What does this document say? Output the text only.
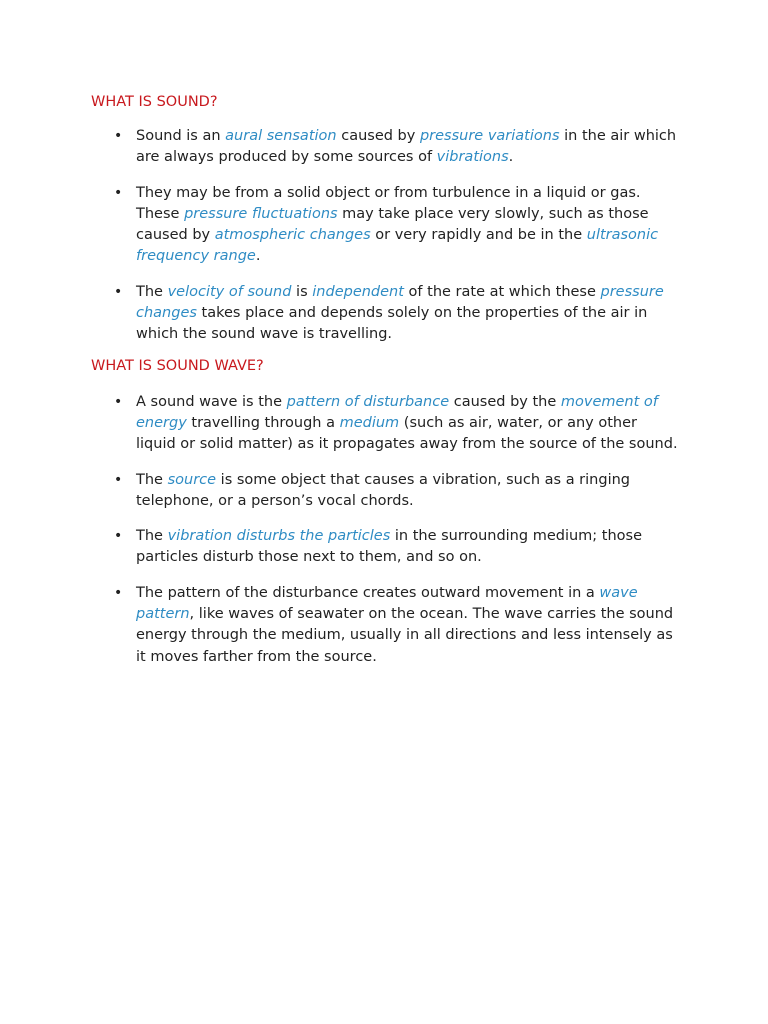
WHAT IS SOUND?
• Sound is an aural sensation caused by pressure variations in the air which are always produced by some sources of vibrations.
• They may be from a solid object or from turbulence in a liquid or gas. These pressure fluctuations may take place very slowly, such as those caused by atmospheric changes or very rapidly and be in the ultrasonic frequency range.
• The velocity of sound is independent of the rate at which these pressure changes takes place and depends solely on the properties of the air in which the sound wave is travelling.
WHAT IS SOUND WAVE?
• A sound wave is the pattern of disturbance caused by the movement of energy travelling through a medium (such as air, water, or any other liquid or solid matter) as it propagates away from the source of the sound.
• The source is some object that causes a vibration, such as a ringing telephone, or a person’s vocal chords.
• The vibration disturbs the particles in the surrounding medium; those particles disturb those next to them, and so on.
• The pattern of the disturbance creates outward movement in a wave pattern, like waves of seawater on the ocean. The wave carries the sound energy through the medium, usually in all directions and less intensely as it moves farther from the source.
